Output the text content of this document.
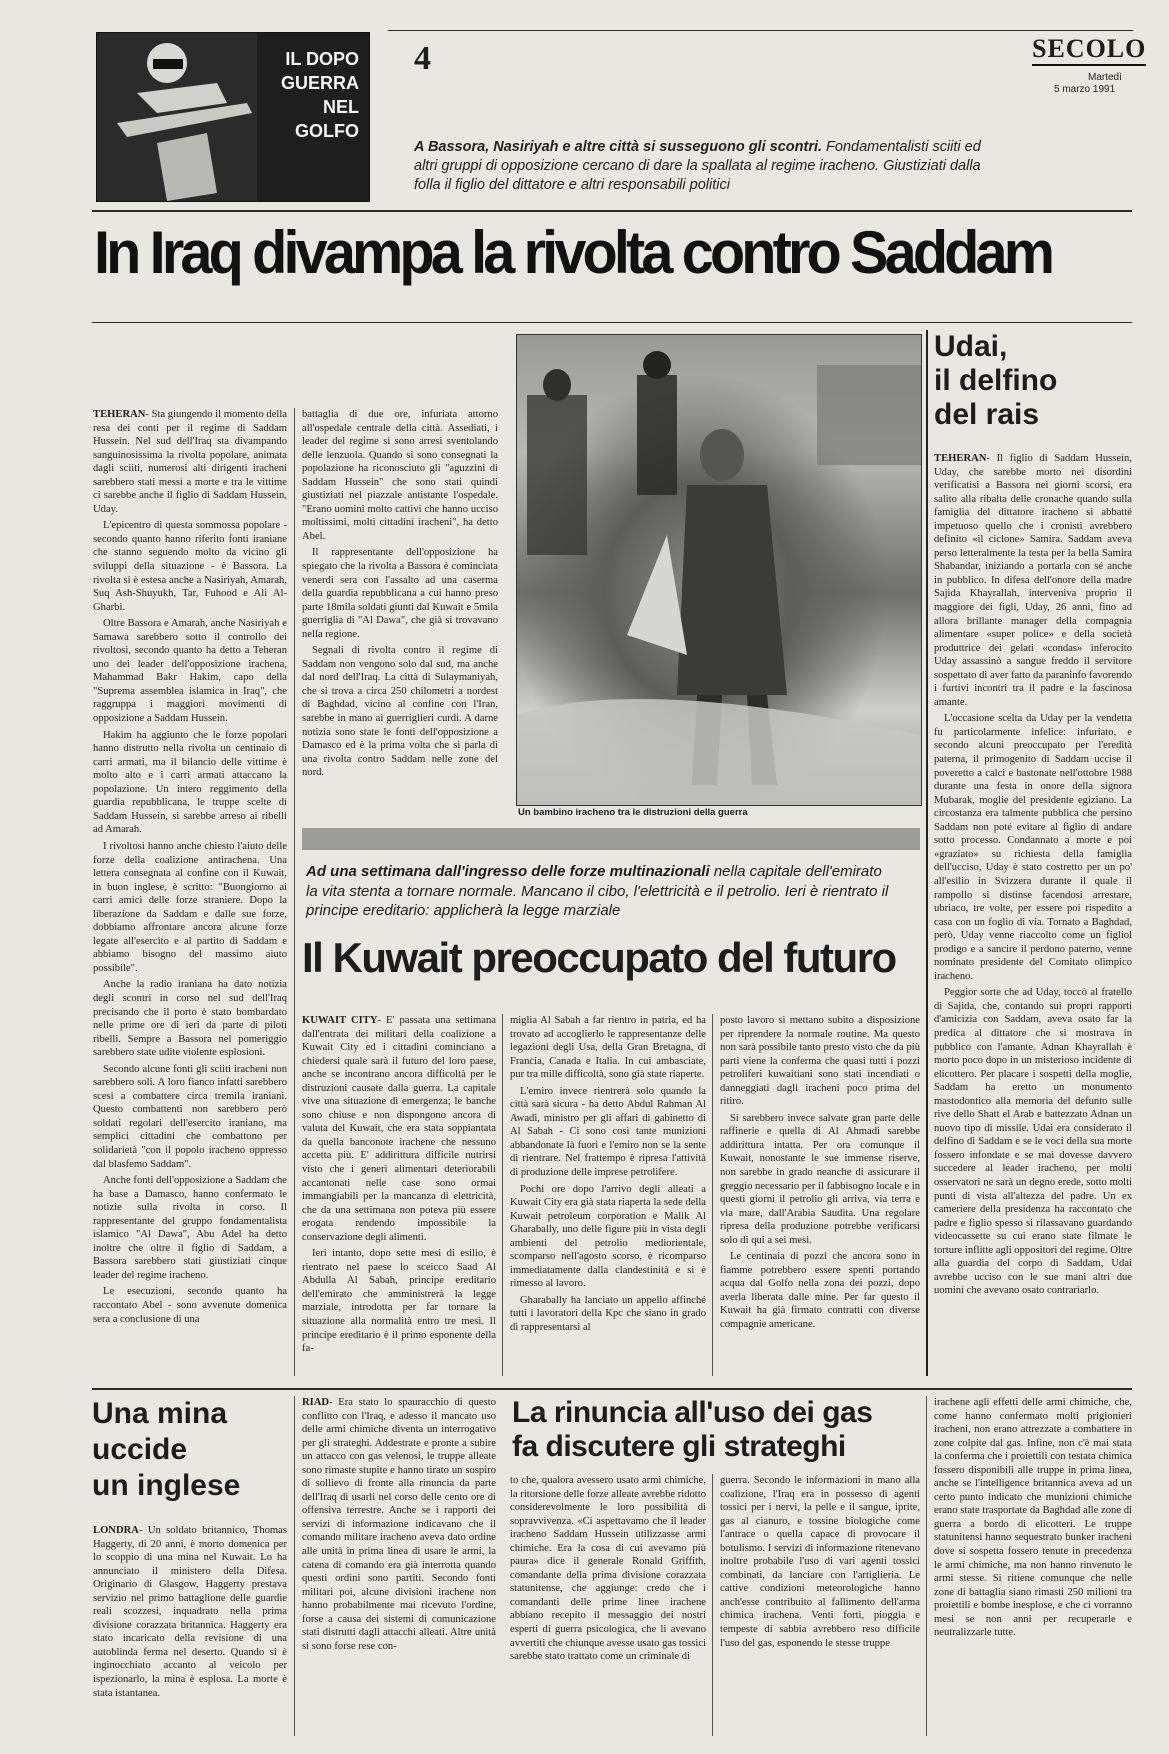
IL DOPO GUERRA
NEL
GOLFO
4	SECOLO
Martedì
5 marzo 1991
A Bassora, Nasiriyah e altre città si susseguono gli scontri. Fondamentalisti sciiti ed altri gruppi di opposizione cercano di dare la spallata al regime iracheno. Giustiziati dalla folla il figlio del dittatore e altri responsabili politici
In Iraq divampa la rivolta contro Saddam

TEHERAN- Sta giungendo il momento della resa dei conti per il regime di Saddam Hussein. Nel sud dell'Iraq sta divampando sanguinosissima la rivolta popolare, animata dagli sciiti, numerosi alti dirigenti iracheni sarebbero stati messi a morte e tra le vittime ci sarebbe anche il figlio di Saddam Hussein, Uday.

L'epicentro di questa sommossa popolare - secondo quanto hanno riferito fonti iraniane che stanno seguendo molto da vicino gli sviluppi della situazione - è Bassora. La rivolta si è estesa anche a Nasiriyah, Amarah, Suq Ash-Shuyukh, Tar, Fuhood e Ali Al-Gharbi.

Oltre Bassora e Amarah, anche Nasiriyah e Samawa sarebbero sotto il controllo dei rivoltosi, secondo quanto ha detto a Teheran uno dei leader dell'opposizione irachena, Mahammad Bakr Hakim, capo della "Suprema assemblea islamica in Iraq", che raggruppa i maggiori movimenti di opposizione a Saddam Hussein.

Hakim ha aggiunto che le forze popolari hanno distrutto nella rivolta un centinaio di carri armati, ma il bilancio delle vittime è molto alto e i carri armati attaccano la popolazione. Un intero reggimento della guardia repubblicana, le truppe scelte di Saddam Hussein, si sarebbe arreso ai ribelli ad Amarah.

I rivoltosi hanno anche chiesto l'aiuto delle forze della coalizione antirachena. Una lettera consegnata al confine con il Kuwait, in buon inglese, è scritto: "Buongiorno ai carri amici delle forze straniere. Dopo la liberazione da Saddam e dalle sue forze, dobbiamo affrontare ancora alcune forze legate all'esercito e al partito di Saddam e abbiamo bisogno del massimo aiuto possibile".

Anche la radio iraniana ha dato notizia degli scontri in corso nel sud dell'Iraq precisando che il porto è stato bombardato nelle prime ore di ieri da parte di piloti ribelli. Sempre a Bassora nel pomeriggio sarebbero state udite violente esplosioni.

Secondo alcune fonti gli sciiti iracheni non sarebbero soli. A loro fianco infatti sarebbero scesi a combattere circa tremila iraniani. Questo combattenti non sarebbero però soldati regolari dell'esercito iraniano, ma semplici cittadini che combattono per solidarietà "con il popolo iracheno oppresso dal blasfemo Saddam".

Anche fonti dell'opposizione a Saddam che ha base a Damasco, hanno confermato le notizie sulla rivolta in corso. Il rappresentante del gruppo fondamentalista islamico "Al Dawa", Abu Adel ha detto inoltre che oltre il figlio di Saddam, a Bassora sarebbero stati giustiziati cinque leader del regime iracheno.

Le esecuzioni, secondo quanto ha raccontato Abel - sono avvenute domenica sera a conclusione di una

battaglia di due ore, infuriata attorno all'ospedale centrale della città. Assediati, i leader del regime si sono arresi sventolando delle lenzuola. Quando si sono consegnati la popolazione ha riconosciuto gli "aguzzini di Saddam Hussein" che sono stati quindi giustiziati nel piazzale antistante l'ospedale. "Erano uomini molto cattivi che hanno ucciso moltissimi, molti cittadini iracheni", ha detto Abel.

Il rappresentante dell'opposizione ha spiegato che la rivolta a Bassora è cominciata venerdì sera con l'assalto ad una caserma della guardia repubblicana a cui hanno preso parte 18mila soldati giunti dal Kuwait e 5mila guerriglia di "Al Dawa", che già si trovavano nella regione.

Segnali di rivolta contro il regime di Saddam non vengono solo dal sud, ma anche dal nord dell'Iraq. La città di Sulaymaniyah, che si trova a circa 250 chilometri a nordest di Baghdad, vicino al confine con l'Iran, sarebbe in mano ai guerriglieri curdi. A darne notizia sono state le fonti dell'opposizione a Damasco ed è la prima volta che si parla di una rivolta contro Saddam nelle zone del nord.

Un bambino iracheno tra le distruzioni della guerra
Ad una settimana dall'ingresso delle forze multinazionali nella capitale dell'emirato la vita stenta a tornare normale. Mancano il cibo, l'elettricità e il petrolio. Ieri è rientrato il principe ereditario: applicherà la legge marziale
Il Kuwait preoccupato del futuro

KUWAIT CITY- E' passata una settimana dall'entrata dei militari della coalizione a Kuwait City ed i cittadini cominciano a chiedersi quale sarà il futuro del loro paese, anche se incontrano ancora difficoltà per le distruzioni causate dalla guerra. La capitale vive una situazione di emergenza; le banche sono chiuse e non dispongono ancora di valuta del Kuwait, che era stata soppiantata da quella banconote irachene che nessuno accetta più. E' addirittura difficile nutrirsi visto che i generi alimentari deteriorabili accantonati nelle case sono ormai immangiabili per la mancanza di elettricità, che da una settimana non poteva più essere erogata rendendo impossibile la conservazione degli alimenti.

Ieri intanto, dopo sette mesi di esilio, è rientrato nel paese lo sceicco Saad Al Abdulla Al Sabah, principe ereditario dell'emirato che amministrerà la legge marziale, introdotta per far tornare la situazione alla normalità entro tre mesi. Il principe ereditario è il primo esponente della fa-

miglia Al Sabah a far rientro in patria, ed ha trovato ad accoglierlo le rappresentanze delle legazioni degli Usa, della Gran Bretagna, di Francia, Canada e Italia. In cui ambasciate, pur tra mille difficoltà, sono già state riaperte.

L'emiro invece rientrerà solo quando la città sarà sicura - ha detto Abdul Rahman Al Awadi, ministro per gli affari di gabinetto di Al Sabah - Ci sono così tante munizioni abbandonate là fuori e l'emiro non se la sente di rientrare. Nel frattempo è ripresa l'attività di produzione delle imprese petrolifere.

Pochi ore dopo l'arrivo degli alleati a Kuwait City era già stata riaperta la sede della Kuwait petroleum corporation e Malik Al Gharabally, uno delle figure più in vista degli ambienti del petrolio mediorientale, scomparso nell'agosto scorso, è ricomparso immediatamente dalla clandestinità e si è rimesso al lavoro.

Gharabally ha lanciato un appello affinché tutti i lavoratori della Kpc che siano in grado di rappresentarsi al

posto lavoro si mettano subito a disposizione per riprendere la normale routine. Ma questo non sarà possibile tanto presto visto che da più parti viene la conferma che quasi tutti i pozzi petroliferi kuwaitiani sono stati incendiati o danneggiati dagli iracheni poco prima del ritiro.

Si sarebbero invece salvate gran parte delle raffinerie e quella di Al Ahmadi sarebbe addirittura intatta. Per ora comunque il Kuwait, nonostante le sue immense riserve, non sarebbe in grado neanche di assicurare il greggio necessario per il fabbisogno locale e in questi giorni il petrolio gli arriva, via terra e via mare, dall'Arabia Saudita. Una regolare ripresa della produzione potrebbe verificarsi solo di qui a sei mesi.

Le centinaia di pozzi che ancora sono in fiamme potrebbero essere spenti portando acqua dal Golfo nella zona dei pozzi, dopo averla liberata dalle mine. Per far questo il Kuwait ha già firmato contratti con diverse compagnie americane.

Udai,
il delfino
del rais

TEHERAN- Il figlio di Saddam Hussein, Uday, che sarebbe morto nei disordini verificatisi a Bassora nei giorni scorsi, era salito alla ribalta delle cronache quando sulla famiglia del dittatore iracheno si abbatté impetuoso quello che i cronisti avrebbero definito «il ciclone» Samira. Saddam aveva perso letteralmente la testa per la bella Samira Shabandar, iniziando a portarla con sé anche in pubblico. In difesa dell'onore della madre Sajida Khayrallah, interveniva proprio il maggiore dei figli, Uday, 26 anni, fino ad allora brillante manager della compagnia alimentare «super police» e della società produttrice dei gelati «condas» inferocito Uday assassinò a sangue freddo il servitore sospettato di aver fatto da paraninfo favorendo i furtivi incontri tra il padre e la fascinosa amante.

L'occasione scelta da Uday per la vendetta fu particolarmente infelice: infuriato, e secondo alcuni preoccupato per l'eredità paterna, il primogenito di Saddam uccise il poveretto a calci e bastonate nell'ottobre 1988 durante una festa in onore della signora Mubarak, moglie del presidente egiziano. La circostanza era talmente pubblica che persino Saddam non poté evitare al figlio di andare sotto processo. Condannato a morte e poi «graziato» su richiesta della famiglia dell'ucciso, Uday è stato costretto per un po' all'esilio in Svizzera durante il quale il rampollo si distinse facendosi arrestare, ubriaco, tre volte, per essere poi rispedito a casa con un foglio di via. Tornato a Baghdad, però, Uday venne riaccolto come un figliol prodigo e a sancire il perdono paterno, venne nominato presidente del Comitato olimpico iracheno.

Peggior sorte che ad Uday, toccò al fratello di Sajida, che, contando sui propri rapporti d'amicizia con Saddam, aveva osato far la predica al dittatore che si mostrava in pubblico con l'amante. Adnan Khayrallah è morto poco dopo in un misterioso incidente di elicottero. Per placare i sospetti della moglie, Saddam ha eretto un monumento mastodontico alla memoria del defunto sulle rive dello Shatt el Arab e battezzato Adnan un nuovo tipo di missile. Udai era considerato il delfino di Saddam e se le voci della sua morte fossero infondate e se mai dovesse davvero succedere al leader iracheno, per molti osservatori ne sarà un degno erede, sotto molti punti di vista all'altezza del padre. Un ex cameriere della presidenza ha raccontato che padre e figlio spesso si rilassavano guardando videocassette su cui erano state filmate le torture inflitte agli oppositori del regime. Oltre alla guardia del corpo di Saddam, Udai avrebbe ucciso con le sue mani altri due uomini che avevano osato contrariarlo.

Una mina
uccide
un inglese

LONDRA- Un soldato britannico, Thomas Haggerty, di 20 anni, è morto domenica per lo scoppio di una mina nel Kuwait. Lo ha annunciato il ministero della Difesa. Originario di Glasgow, Haggerty prestava servizio nel primo battaglione delle guardie reali scozzesi, inquadrato nella prima divisione corazzata britannica. Haggerty era stato incaricato della revisione di una autoblinda ferma nel deserto. Quando si è inginocchiato accanto al veicolo per ispezionarlo, la mina è esplosa. La morte è stata istantanea.

RIAD- Era stato lo spauracchio di questo conflitto con l'Iraq, e adesso il mancato uso delle armi chimiche diventa un interrogativo per gli strateghi. Addestrate e pronte a subire un attacco con gas velenosi, le truppe alleate sono rimaste stupite e hanno tirato un sospiro di sollievo di fronte alla rinuncia da parte dell'Iraq di usarli nel corso delle cento ore di offensiva terrestre. Anche se i rapporti dei servizi di informazione indicavano che il comando militare iracheno aveva dato ordine alle unità in prima linea di usare le armi, la catena di comando era già interrotta quando questi ordini sono partiti. Secondo fonti militari poi, alcune divisioni irachene non hanno probabilmente mai ricevuto l'ordine, forse a causa dei sistemi di comunicazione stati distrutti dagli attacchi alleati. Altre unità si sono forse rese con-

La rinuncia all'uso dei gas
fa discutere gli strateghi

to che, qualora avessero usato armi chimiche, la ritorsione delle forze alleate avrebbe ridotto considerevolmente le loro possibilità di sopravvivenza. «Ci aspettavamo che il leader iracheno Saddam Hussein utilizzasse armi chimiche. Era la cosa di cui avevamo più paura» dice il generale Ronald Griffith, comandante della prima divisione corazzata statunitense, che aggiunge: credo che i comandanti delle prime linee irachene abbiano recepito il messaggio dei nostri esperti di guerra psicologica, che li avevano avvertiti che chiunque avesse usato gas tossici sarebbe stato trattato come un criminale di

guerra. Secondo le informazioni in mano alla coalizione, l'Iraq era in possesso di agenti tossici per i nervi, la pelle e il sangue, iprite, gas al cianuro, e tossine biologiche come l'antrace o quella capace di provocare il botulismo. I servizi di informazione ritenevano inoltre probabile l'uso di vari agenti tossici combinati, da lanciare con l'artiglieria. Le cattive condizioni meteorologiche hanno anch'esse contribuito al fallimento dell'arma chimica irachena. Venti forti, pioggia e tempeste di sabbia avrebbero reso difficile l'uso del gas, esponendo le stesse truppe

irachene agli effetti delle armi chimiche, che, come hanno confermato molti prigionieri iracheni, non erano attrezzate a combattere in zone colpite dal gas. Infine, non c'è mai stata la conferma che i proiettili con testata chimica fossero disponibili alle truppe in prima linea, anche se l'intelligence britannica aveva ad un certo punto indicato che munizioni chimiche erano state trasportate da Baghdad alle zone di guerra a bordo di elicotteri. Le truppe statunitensi hanno sequestrato bunker iracheni dove si sospetta fossero tenute in precedenza le armi chimiche, ma non hanno rinvenuto le armi stesse. Si ritiene comunque che nelle zone di battaglia siano rimasti 250 milioni tra proiettili e bombe inesplose, e che ci vorranno mesi se non anni per recuperarle e neutralizzarle tutte.
